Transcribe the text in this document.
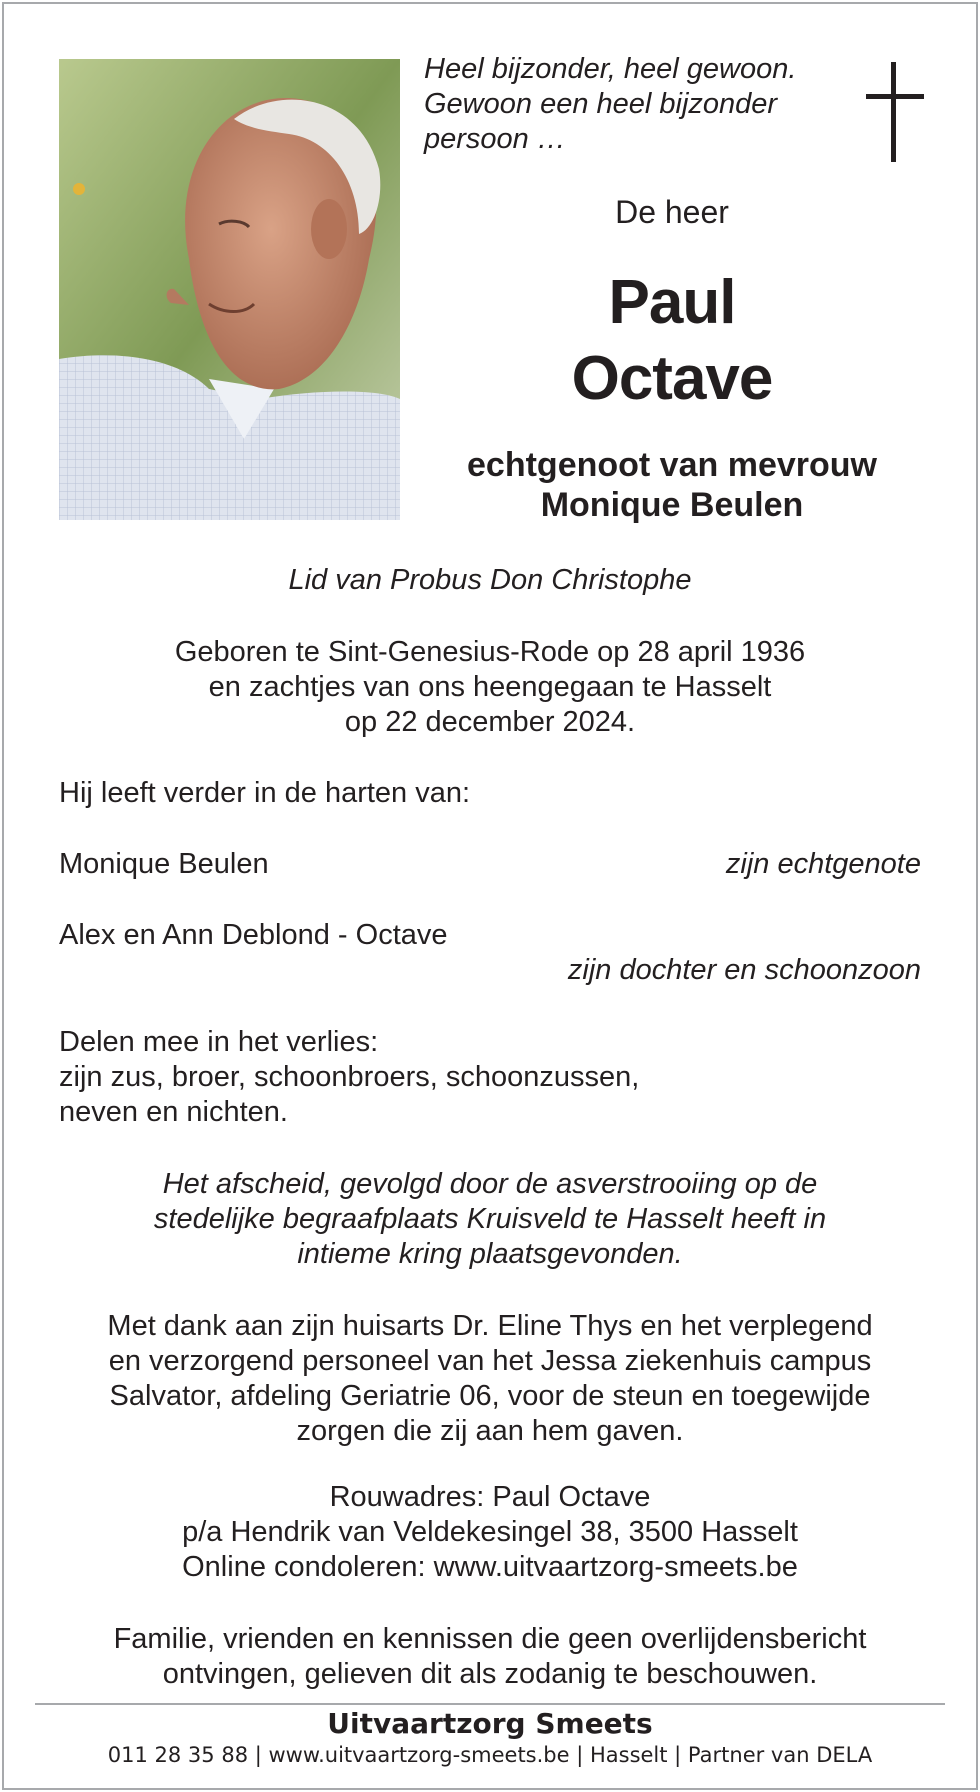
Heel bijzonder, heel gewoon.
Gewoon een heel bijzonder
persoon …
De heer
Paul
Octave
echtgenoot van mevrouw
Monique Beulen
Lid van Probus Don Christophe
Geboren te Sint-Genesius-Rode op 28 april 1936
en zachtjes van ons heengegaan te Hasselt
op 22 december 2024.
Hij leeft verder in de harten van:
Monique Beulen	zijn echtgenote
Alex en Ann Deblond - Octave
zijn dochter en schoonzoon
Delen mee in het verlies:
zijn zus, broer, schoonbroers, schoonzussen,
neven en nichten.
Het afscheid, gevolgd door de asverstrooiing op de
stedelijke begraafplaats Kruisveld te Hasselt heeft in
intieme kring plaatsgevonden.
Met dank aan zijn huisarts Dr. Eline Thys en het verplegend
en verzorgend personeel van het Jessa ziekenhuis campus
Salvator, afdeling Geriatrie 06, voor de steun en toegewijde
zorgen die zij aan hem gaven.
Rouwadres: Paul Octave
p/a Hendrik van Veldekesingel 38, 3500 Hasselt
Online condoleren: www.uitvaartzorg-smeets.be
Familie, vrienden en kennissen die geen overlijdensbericht
ontvingen, gelieven dit als zodanig te beschouwen.
Uitvaartzorg Smeets
011 28 35 88 | www.uitvaartzorg-smeets.be | Hasselt | Partner van DELA
